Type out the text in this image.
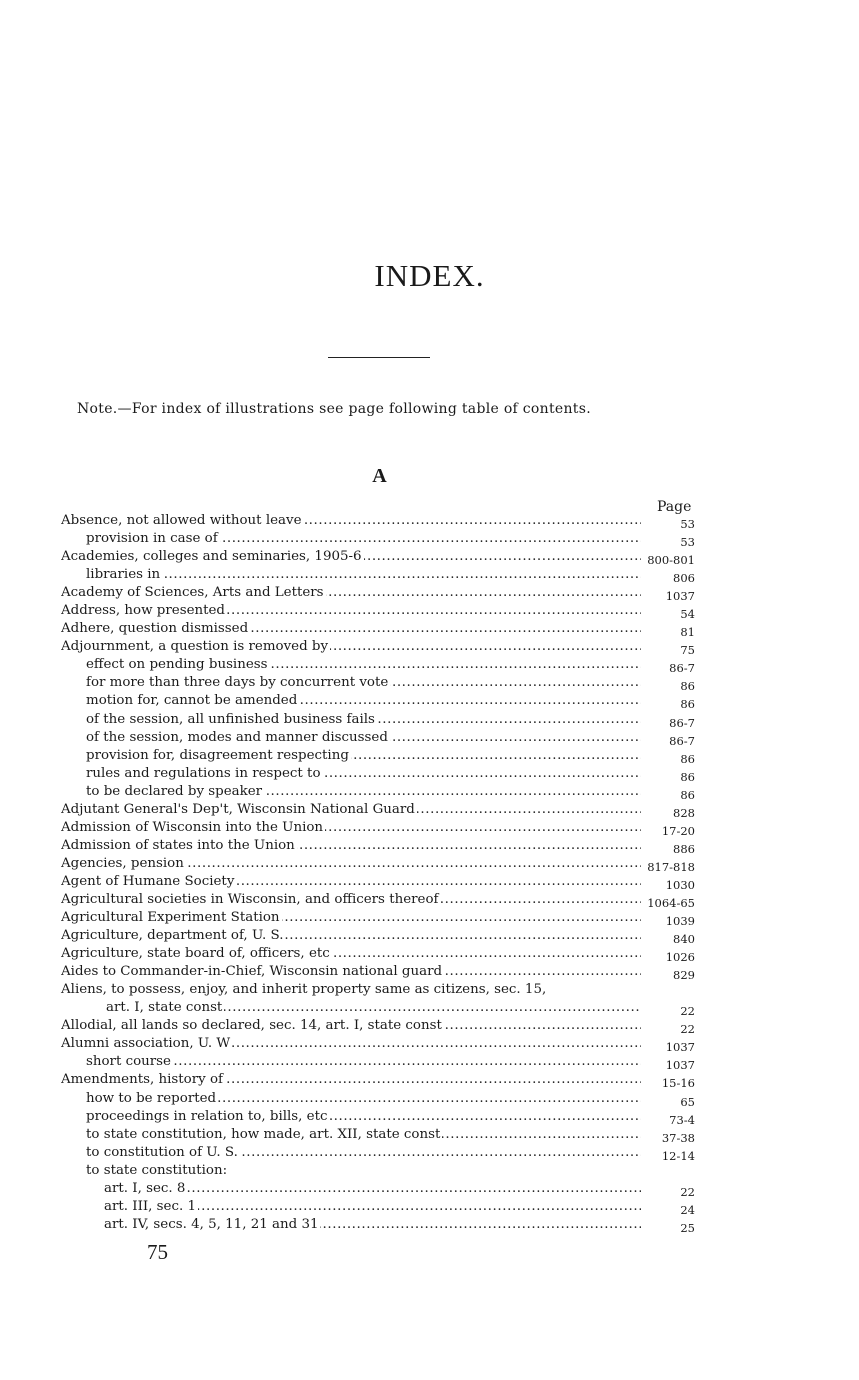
INDEX.
Note.—For index of illustrations see page following table of contents.
A
Page
Absence, not allowed without leave .....	53
provision in case of .....	53
Academies, colleges and seminaries, 1905-6 .....	800-801
libraries in .....	806
Academy of Sciences, Arts and Letters .....	1037
Address, how presented .....	54
Adhere, question dismissed .....	81
Adjournment, a question is removed by .....	75
effect on pending business .....	86-7
for more than three days by concurrent vote .....	86
motion for, cannot be amended .....	86
of the session, all unfinished business fails .....	86-7
of the session, modes and manner discussed .....	86-7
provision for, disagreement respecting .....	86
rules and regulations in respect to .....	86
to be declared by speaker .....	86
Adjutant General's Dep't, Wisconsin National Guard .....	828
Admission of Wisconsin into the Union .....	17-20
Admission of states into the Union .....	886
Agencies, pension .....	817-818
Agent of Humane Society .....	1030
Agricultural societies in Wisconsin, and officers thereof .....	1064-65
Agricultural Experiment Station .....	1039
Agriculture, department of, U. S. .....	840
Agriculture, state board of, officers, etc .....	1026
Aides to Commander-in-Chief, Wisconsin national guard .....	829
Aliens, to possess, enjoy, and inherit property same as citizens, sec. 15,
art. I, state const .....	22
Allodial, all lands so declared, sec. 14, art. I, state const .....	22
Alumni association, U. W .....	1037
short course .....	1037
Amendments, history of .....	15-16
how to be reported .....	65
proceedings in relation to, bills, etc .....	73-4
to state constitution, how made, art. XII, state const .....	37-38
to constitution of U. S. .....	12-14
to state constitution:
art. I, sec. 8 .....	22
art. III, sec. 1 .....	24
art. IV, secs. 4, 5, 11, 21 and 31 .....	25
75
